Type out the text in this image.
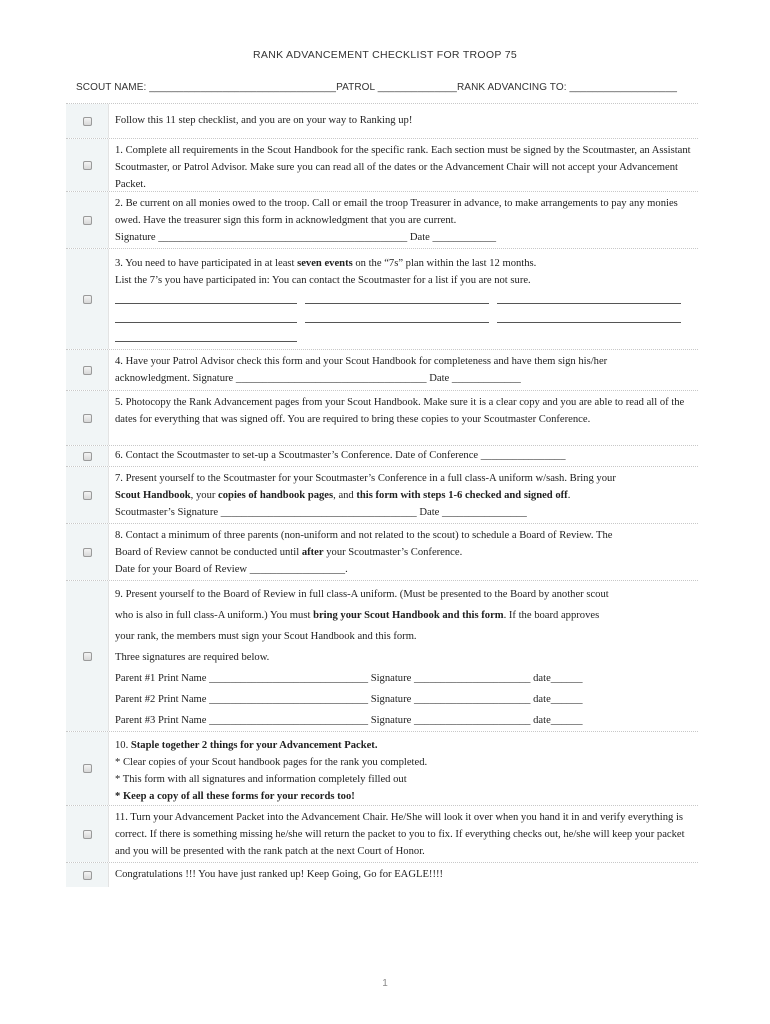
RANK ADVANCEMENT CHECKLIST FOR TROOP 75
SCOUT NAME: _________________________________PATROL ______________RANK ADVANCING TO: ___________________
Follow this 11 step checklist, and you are on your way to Ranking up!
1. Complete all requirements in the Scout Handbook for the specific rank. Each section must be signed by the Scoutmaster, an Assistant Scoutmaster, or Patrol Advisor. Make sure you can read all of the dates or the Advancement Chair will not accept your Advancement Packet.
2. Be current on all monies owed to the troop. Call or email the troop Treasurer in advance, to make arrangements to pay any monies owed. Have the treasurer sign this form in acknowledgment that you are current.
Signature _______________________________________________ Date ____________
3. You need to have participated in at least seven events on the “7s” plan within the last 12 months.
List the 7’s you have participated in: You can contact the Scoutmaster for a list if you are not sure.
4. Have your Patrol Advisor check this form and your Scout Handbook for completeness and have them sign his/her
acknowledgment. Signature ____________________________________ Date _____________
5. Photocopy the Rank Advancement pages from your Scout Handbook. Make sure it is a clear copy and you are able to read all of the dates for everything that was signed off. You are required to bring these copies to your Scoutmaster Conference.
6. Contact the Scoutmaster to set-up a Scoutmaster’s Conference. Date of Conference ________________
7. Present yourself to the Scoutmaster for your Scoutmaster’s Conference in a full class-A uniform w/sash. Bring your
Scout Handbook, your copies of handbook pages, and this form with steps 1-6 checked and signed off.
Scoutmaster’s Signature _____________________________________ Date ________________
8. Contact a minimum of three parents (non-uniform and not related to the scout) to schedule a Board of Review. The
Board of Review cannot be conducted until after your Scoutmaster’s Conference.
Date for your Board of Review __________________.
9. Present yourself to the Board of Review in full class-A uniform. (Must be presented to the Board by another scout
who is also in full class-A uniform.) You must bring your Scout Handbook and this form. If the board approves
your rank, the members must sign your Scout Handbook and this form.
Three signatures are required below.
Parent #1 Print Name ______________________________ Signature ______________________ date______
Parent #2 Print Name ______________________________ Signature ______________________ date______
Parent #3 Print Name ______________________________ Signature ______________________ date______
10. Staple together 2 things for your Advancement Packet.
* Clear copies of your Scout handbook pages for the rank you completed.
* This form with all signatures and information completely filled out
* Keep a copy of all these forms for your records too!
11. Turn your Advancement Packet into the Advancement Chair. He/She will look it over when you hand it in and verify everything is correct. If there is something missing he/she will return the packet to you to fix. If everything checks out, he/she will keep your packet and you will be presented with the rank patch at the next Court of Honor.
Congratulations !!! You have just ranked up! Keep Going, Go for EAGLE!!!!
1
